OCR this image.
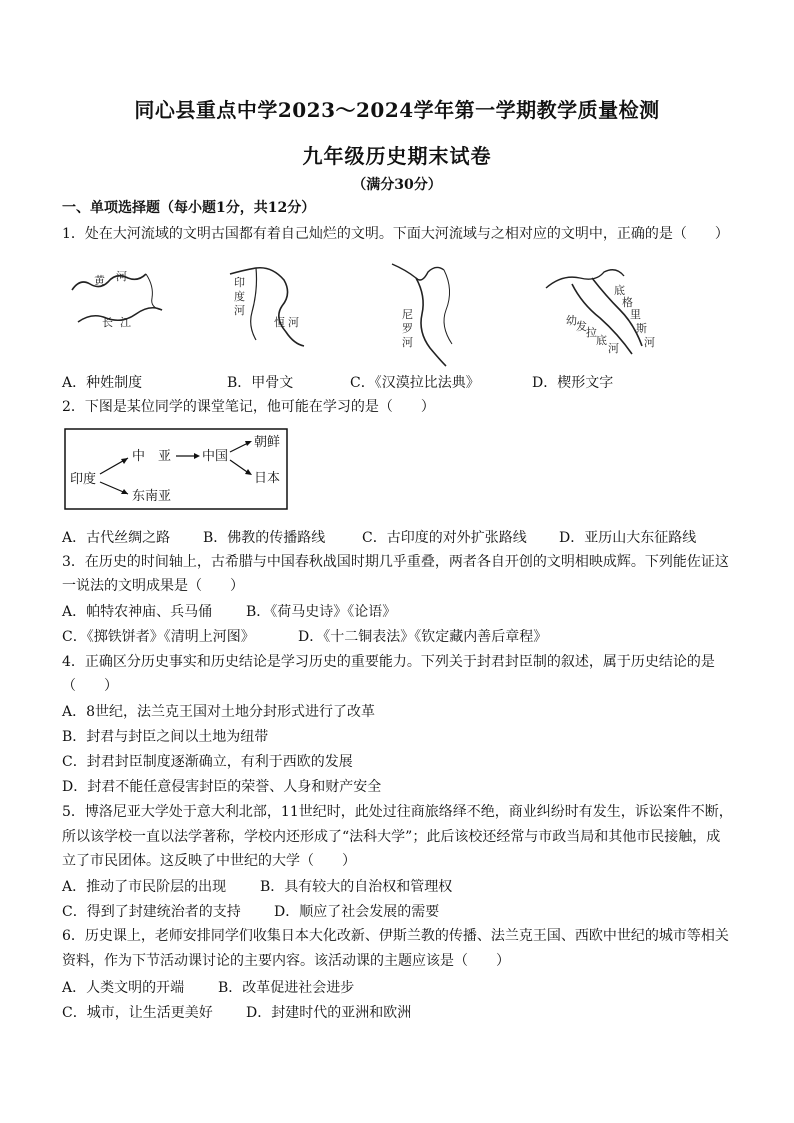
同心县重点中学2023～2024学年第一学期教学质量检测
九年级历史期末试卷
（满分30分）
一、单项选择题（每小题1分，共12分）
1．处在大河流域的文明古国都有着自己灿烂的文明。下面大河流域与之相对应的文明中，正确的是（　　）
黄 河
长 江
印
度
河
恒 河
尼
罗
河
底
格
里
斯
河
幼 发 拉
底
河
A．种姓制度	B．甲骨文	C．《汉漠拉比法典》	D．楔形文字
2．下图是某位同学的课堂笔记，他可能在学习的是（　　）
印度
中　亚
东南亚
中国
朝鲜
日本
A．古代丝绸之路 B．佛教的传播路线	C．古印度的对外扩张路线 D．亚历山大东征路线
3．在历史的时间轴上，古希腊与中国春秋战国时期几乎重叠，两者各自开创的文明相映成辉。下列能佐证这
一说法的文明成果是（　　）
A．帕特农神庙、兵马俑 B．《荷马史诗》《论语》
C．《掷铁饼者》《清明上河图》	D．《十二铜表法》《钦定藏内善后章程》
4．正确区分历史事实和历史结论是学习历史的重要能力。下列关于封君封臣制的叙述，属于历史结论的是
（　　）
A．8世纪，法兰克王国对土地分封形式进行了改革
B．封君与封臣之间以土地为纽带
C．封君封臣制度逐渐确立，有利于西欧的发展
D．封君不能任意侵害封臣的荣誉、人身和财产安全
5．博洛尼亚大学处于意大利北部，11世纪时，此处过往商旅络绎不绝，商业纠纷时有发生，诉讼案件不断，
所以该学校一直以法学著称，学校内还形成了“法科大学”；此后该校还经常与市政当局和其他市民接触，成
立了市民团体。这反映了中世纪的大学（　　）
A．推动了市民阶层的出现 B．具有较大的自治权和管理权
C．得到了封建统治者的支持 D．顺应了社会发展的需要
6．历史课上，老师安排同学们收集日本大化改新、伊斯兰教的传播、法兰克王国、西欧中世纪的城市等相关
资料，作为下节活动课讨论的主要内容。该活动课的主题应该是（　　）
A．人类文明的开端 B．改革促进社会进步
C．城市，让生活更美好 D．封建时代的亚洲和欧洲
